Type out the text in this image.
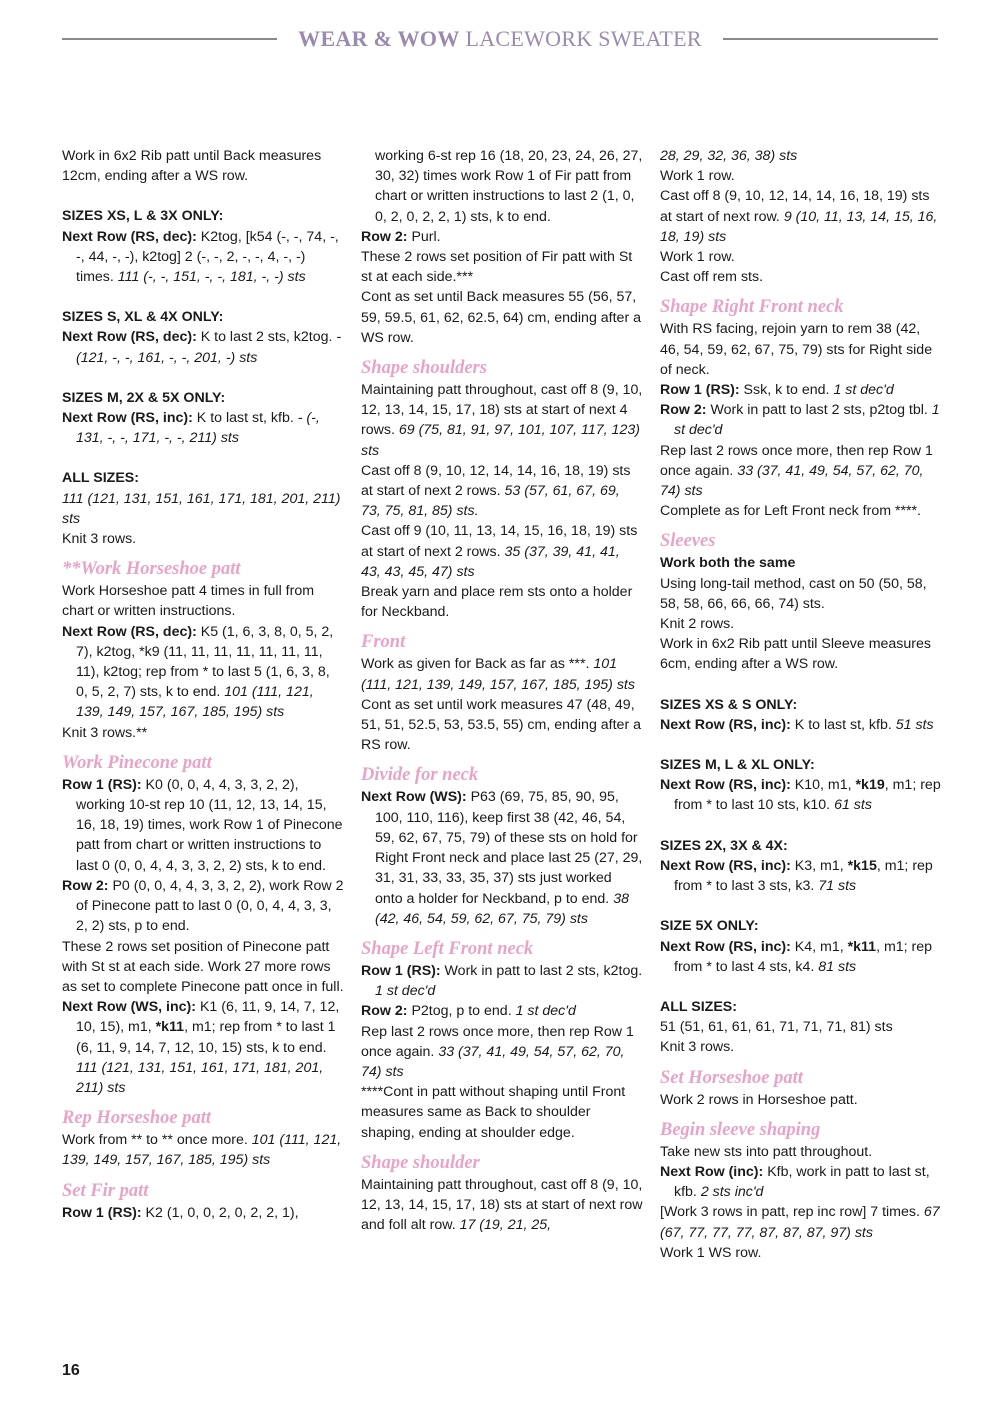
WEAR & WOW LACEWORK SWEATER

Work in 6x2 Rib patt until Back measures 12cm, ending after a WS row.

SIZES XS, L & 3X ONLY:

Next Row (RS, dec): K2tog, [k54 (-, -, 74, -, -, 44, -, -), k2tog] 2 (-, -, 2, -, -, 4, -, -) times. 111 (-, -, 151, -, -, 181, -, -) sts

SIZES S, XL & 4X ONLY:

Next Row (RS, dec): K to last 2 sts, k2tog. - (121, -, -, 161, -, -, 201, -) sts

SIZES M, 2X & 5X ONLY:

Next Row (RS, inc): K to last st, kfb. - (-, 131, -, -, 171, -, -, 211) sts

ALL SIZES:

111 (121, 131, 151, 161, 171, 181, 201, 211) sts

Knit 3 rows.

**Work Horseshoe patt

Work Horseshoe patt 4 times in full from chart or written instructions.

Next Row (RS, dec): K5 (1, 6, 3, 8, 0, 5, 2, 7), k2tog, *k9 (11, 11, 11, 11, 11, 11, 11, 11), k2tog; rep from * to last 5 (1, 6, 3, 8, 0, 5, 2, 7) sts, k to end. 101 (111, 121, 139, 149, 157, 167, 185, 195) sts

Knit 3 rows.**

Work Pinecone patt

Row 1 (RS): K0 (0, 0, 4, 4, 3, 3, 2, 2), working 10-st rep 10 (11, 12, 13, 14, 15, 16, 18, 19) times, work Row 1 of Pinecone patt from chart or written instructions to last 0 (0, 0, 4, 4, 3, 3, 2, 2) sts, k to end.

Row 2: P0 (0, 0, 4, 4, 3, 3, 2, 2), work Row 2 of Pinecone patt to last 0 (0, 0, 4, 4, 3, 3, 2, 2) sts, p to end.

These 2 rows set position of Pinecone patt with St st at each side. Work 27 more rows as set to complete Pinecone patt once in full.

Next Row (WS, inc): K1 (6, 11, 9, 14, 7, 12, 10, 15), m1, *k11, m1; rep from * to last 1 (6, 11, 9, 14, 7, 12, 10, 15) sts, k to end. 111 (121, 131, 151, 161, 171, 181, 201, 211) sts

Rep Horseshoe patt

Work from ** to ** once more. 101 (111, 121, 139, 149, 157, 167, 185, 195) sts

Set Fir patt

Row 1 (RS): K2 (1, 0, 0, 2, 0, 2, 2, 1),

working 6-st rep 16 (18, 20, 23, 24, 26, 27, 30, 32) times work Row 1 of Fir patt from chart or written instructions to last 2 (1, 0, 0, 2, 0, 2, 2, 1) sts, k to end.

Row 2: Purl.

These 2 rows set position of Fir patt with St st at each side.***

Cont as set until Back measures 55 (56, 57, 59, 59.5, 61, 62, 62.5, 64) cm, ending after a WS row.

Shape shoulders

Maintaining patt throughout, cast off 8 (9, 10, 12, 13, 14, 15, 17, 18) sts at start of next 4 rows. 69 (75, 81, 91, 97, 101, 107, 117, 123) sts

Cast off 8 (9, 10, 12, 14, 14, 16, 18, 19) sts at start of next 2 rows. 53 (57, 61, 67, 69, 73, 75, 81, 85) sts.

Cast off 9 (10, 11, 13, 14, 15, 16, 18, 19) sts at start of next 2 rows. 35 (37, 39, 41, 41, 43, 43, 45, 47) sts

Break yarn and place rem sts onto a holder for Neckband.

Front

Work as given for Back as far as ***. 101 (111, 121, 139, 149, 157, 167, 185, 195) sts

Cont as set until work measures 47 (48, 49, 51, 51, 52.5, 53, 53.5, 55) cm, ending after a RS row.

Divide for neck

Next Row (WS): P63 (69, 75, 85, 90, 95, 100, 110, 116), keep first 38 (42, 46, 54, 59, 62, 67, 75, 79) of these sts on hold for Right Front neck and place last 25 (27, 29, 31, 31, 33, 33, 35, 37) sts just worked onto a holder for Neckband, p to end. 38 (42, 46, 54, 59, 62, 67, 75, 79) sts

Shape Left Front neck

Row 1 (RS): Work in patt to last 2 sts, k2tog. 1 st dec'd

Row 2: P2tog, p to end. 1 st dec'd

Rep last 2 rows once more, then rep Row 1 once again. 33 (37, 41, 49, 54, 57, 62, 70, 74) sts

****Cont in patt without shaping until Front measures same as Back to shoulder shaping, ending at shoulder edge.

Shape shoulder

Maintaining patt throughout, cast off 8 (9, 10, 12, 13, 14, 15, 17, 18) sts at start of next row and foll alt row. 17 (19, 21, 25,

28, 29, 32, 36, 38) sts

Work 1 row.

Cast off 8 (9, 10, 12, 14, 14, 16, 18, 19) sts at start of next row. 9 (10, 11, 13, 14, 15, 16, 18, 19) sts

Work 1 row.

Cast off rem sts.

Shape Right Front neck

With RS facing, rejoin yarn to rem 38 (42, 46, 54, 59, 62, 67, 75, 79) sts for Right side of neck.

Row 1 (RS): Ssk, k to end. 1 st dec'd

Row 2: Work in patt to last 2 sts, p2tog tbl. 1 st dec'd

Rep last 2 rows once more, then rep Row 1 once again. 33 (37, 41, 49, 54, 57, 62, 70, 74) sts

Complete as for Left Front neck from ****.

Sleeves

Work both the same

Using long-tail method, cast on 50 (50, 58, 58, 58, 66, 66, 66, 74) sts.

Knit 2 rows.

Work in 6x2 Rib patt until Sleeve measures 6cm, ending after a WS row.

SIZES XS & S ONLY:

Next Row (RS, inc): K to last st, kfb. 51 sts

SIZES M, L & XL ONLY:

Next Row (RS, inc): K10, m1, *k19, m1; rep from * to last 10 sts, k10. 61 sts

SIZES 2X, 3X & 4X:

Next Row (RS, inc): K3, m1, *k15, m1; rep from * to last 3 sts, k3. 71 sts

SIZE 5X ONLY:

Next Row (RS, inc): K4, m1, *k11, m1; rep from * to last 4 sts, k4. 81 sts

ALL SIZES:

51 (51, 61, 61, 61, 71, 71, 71, 81) sts

Knit 3 rows.

Set Horseshoe patt

Work 2 rows in Horseshoe patt.

Begin sleeve shaping

Take new sts into patt throughout.

Next Row (inc): Kfb, work in patt to last st, kfb. 2 sts inc'd

[Work 3 rows in patt, rep inc row] 7 times. 67 (67, 77, 77, 77, 87, 87, 87, 97) sts

Work 1 WS row.

16
